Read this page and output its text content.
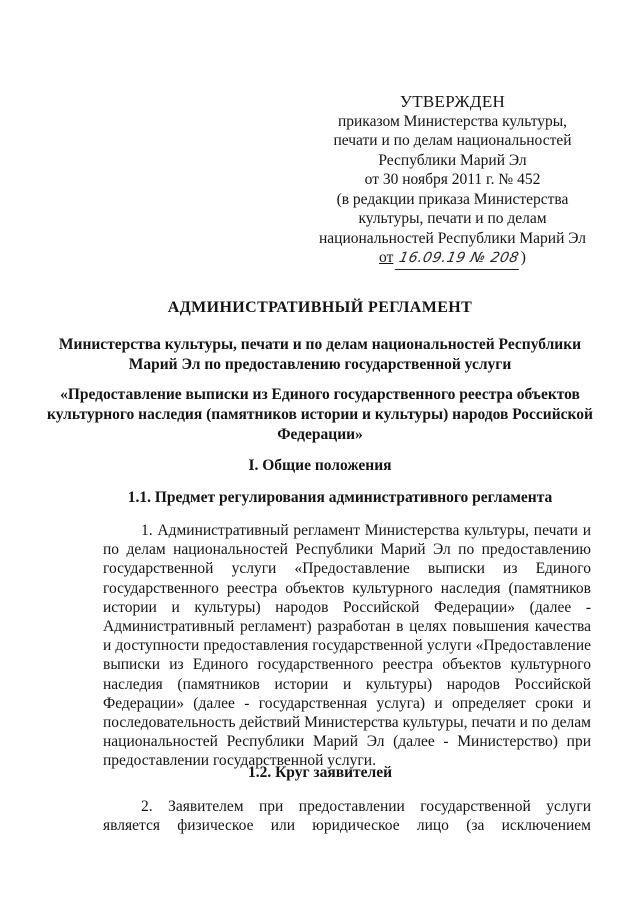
УТВЕРЖДЕН
приказом Министерства культуры,
печати и по делам национальностей
Республики Марий Эл
от 30 ноября 2011 г. № 452
(в редакции приказа Министерства
культуры, печати и по делам
национальностей Республики Марий Эл
от 16.09.19 № 208)
АДМИНИСТРАТИВНЫЙ РЕГЛАМЕНТ
Министерства культуры, печати и по делам национальностей Республики Марий Эл по предоставлению государственной услуги
«Предоставление выписки из Единого государственного реестра объектов культурного наследия (памятников истории и культуры) народов Российской Федерации»
I. Общие положения
1.1. Предмет регулирования административного регламента
1. Административный регламент Министерства культуры, печати и по делам национальностей Республики Марий Эл по предоставлению государственной услуги «Предоставление выписки из Единого государственного реестра объектов культурного наследия (памятников истории и культуры) народов Российской Федерации» (далее - Административный регламент) разработан в целях повышения качества и доступности предоставления государственной услуги «Предоставление выписки из Единого государственного реестра объектов культурного наследия (памятников истории и культуры) народов Российской Федерации» (далее - государственная услуга) и определяет сроки и последовательность действий Министерства культуры, печати и по делам национальностей Республики Марий Эл (далее - Министерство) при предоставлении государственной услуги.
1.2. Круг заявителей
2. Заявителем при предоставлении государственной услуги является физическое или юридическое лицо (за исключением
